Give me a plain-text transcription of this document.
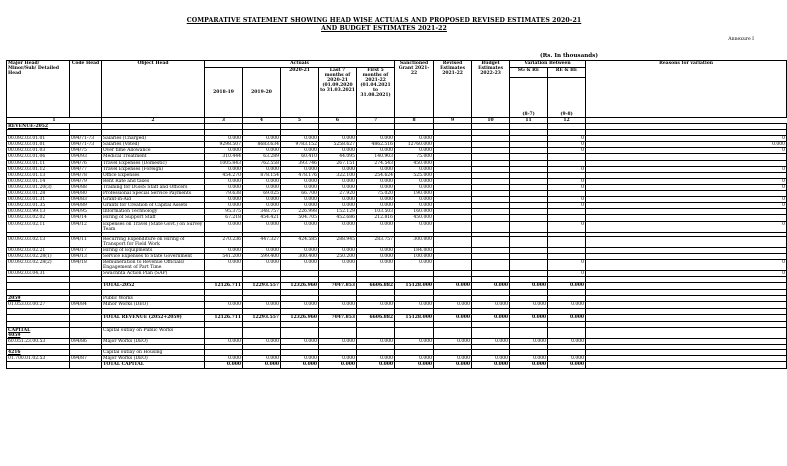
COMPARATIVE STATEMENT SHOWING HEAD WISE ACTUALS AND PROPOSED REVISED ESTIMATES 2020-21
AND BUDGET ESTIMATES 2021-22
Annexure I
(Rs. In thousands)
Major Head/ Minor/Sub/ Detailed Head	Code Head	Object Head	Actuals					Sanctioned Grant 2021-22	Revised Estimates 2021-22	Budget Estimates 2022-23	Variation Between		Reasons for variation	
			2018-19	2019-20	2020-21	Last 7 months of 2020-21 (01.09.2020 to 31.03.2021	First 5 months of 2021-22 (01.04.2021 to 31.08.2021)				SG & RE	RE & BE		
											(8-7)	(9-8)		
1		2	3	4	5	6	7	8	9	10	11	12		
REVENUE-2052														

00.092.03.01.01	094/71-73	Salaries (Charged)	0.000	0.000	0.000	0.000	0.000	0.000				0	0	
00.092.03.01.01	094/71-73	Salaries (Voted)	9298.507	8683.634	9783.152	5258.627	4862.516	12760.000				0	0.000	
00.092.03.01.03	094/75	Over time Allowance	0.000	0.000	0.000	0.000	0.000	0.000				0	0	
00.092.03.01.06	094/93	Medical Treatment	310.444	63.289	60.410	44.095	140.903	75.000						
00.092.03.01.11	094/76	Travel Expenses (Domestic)	1005.843	762.558	393.746	267.151	274.543	450.000						
00.092.03.01.12	094/77	Travel Expenses (Foreign)	0.000	0.000	0.000	0.000	0.000	0.000				0	0	
00.092.03.01.13	094/78	Office Expenses	454.270	878.154	478.176	322.100	254.624	525.000						
00.092.03.01.14	094/79	Rent Rate and taxes	0.000	0.000	0.000	0.000	0.000	0.000				0	0	
00.092.03.01.20(3)	094/88	Training for DGHS Staff and Officers	0.000	0.000	0.000	0.000	0.000	0.000				0	0	
00.092.03.01.28	094/80	Professional Special Service Payments	79.638	69.025	66.700	27.920	75.020	190.000						
00.092.03.01.31	094/83	Grant-in-Aid	0.000	0.000	0.000	0.000	0.000	0.000				0	0	
00.092.03.01.35	094/89	Grants for Creation of Capital Assets	0.000	0.000	0.000	0.000	0.000	0.000				0	0	
00.092.03.99.13	094/95	Information Technology	95.375	348.757	226.998	152.129	103.503	160.000						
00.092.03.02.02	094/14	Hiring of Support Staff	67.218	454.421	504.705	452.686	212.816	450.000						
00.092.03.02.11	094/12	Expenses on Travel (State Govt.) on Survey Team	0.000	0.000	0.000	0.000	0.000	0.000				0	0	

00.092.03.02.13	094/11	Recurring Expenditure on Hiring of Transport for Field Work	270.236	447.327	424.585	288.945	283.757	300.000						
00.092.03.02.21	094/17	Hiring of Equipments	0.000	0.000	0.000	0.000	0.000	184.000						
00.092.03.02.28(1)	094/13	Service Expenses to State Government	541.200	599.400	300.400	250.200	0.000	100.000						
00.092.03.02.28(2)	094/18	Remuneration to Revenue Officials/ Engagement of Part Time	0.000	0.000	0.000	0.000	0.000	0.000				0	0	
00.092.03.04.31		Swachhta Action Plan (SAP)										0	0	

		TOTAL-2052	12126.711	12293.557	12326.960	7047.853	6606.882	15128.000	0.000	0.000	0.000	0.000		

2059		Public Works												
01.053.03.00.27	094/84	Minor Works (DEO)	0.000	0.000	0.000	0.000	0.000	0.000	0.000	0.000	0.000	0.000		

		TOTAL REVENUE (2052+2059)	12126.711	12293.557	12326.960	7047.853	6606.882	15128.000	0.000	0.000	0.000	0.000		

CAPITAL
4059		Capital outlay on Public Works												
60.051.23.00.53	094/86	Major Works (DEO)	0.000	0.000	0.000	0.000	0.000	0.000	0.000	0.000	0.000	0.000		

4216		Capital outlay on Housing												
01.700.01.02.53	094/87	Major Works (DEO)	0.000	0.000	0.000	0.000	0.000	0.000	0.000	0.000	0.000	0.000		
		TOTAL CAPITAL	0.000	0.000	0.000	0.000	0.000	0.000	0.000	0.000	0.000	0.000		
